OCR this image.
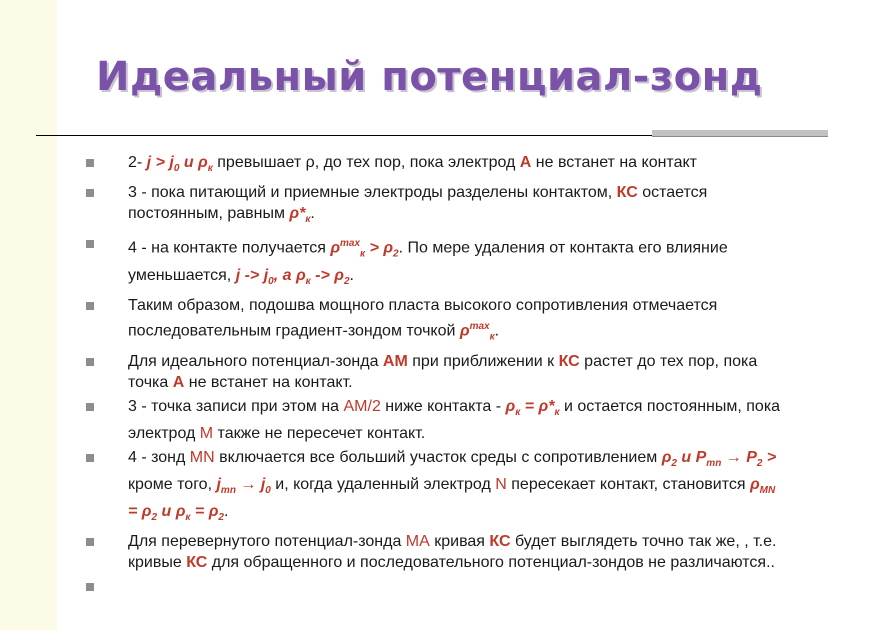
Идеальный потенциал-зонд
2- $j > j_0$ и $\rho_к$ превышает ρ, до тех пор, пока электрод А не встанет на контакт
3 - пока питающий и приемные электроды разделены контактом, КС остается постоянным, равным $\rho*_к$.
4 - на контакте получается $\rho^{max}_к > \rho_2$. По мере удаления от контакта его влияние уменьшается, $j -> j_0$, а $\rho_к -> \rho_2$.
Таким образом, подошва мощного пласта высокого сопротивления отмечается последовательным градиент-зондом точкой $\rho^{max}_к$.
Для идеального потенциал-зонда АМ при приближении к КС растет до тех пор, пока точка А не встанет на контакт.
3 - точка записи при этом на АМ/2 ниже контакта - $\rho_к = \rho*_к$ и остается постоянным, пока электрод М также не пересечет контакт.
4 - зонд MN включается все больший участок среды с сопротивлением $\rho_2$ и $P_{mn} \to P_2$ > кроме того, $j_{mn} \to j_0$ и, когда удаленный электрод N пересекает контакт, становится $\rho_{MN} = \rho_2$ и $\rho_к = \rho_2$.
Для перевернутого потенциал-зонда МА кривая КС будет выглядеть точно так же, , т.е. кривые КС для обращенного и последовательного потенциал-зондов не различаются..
